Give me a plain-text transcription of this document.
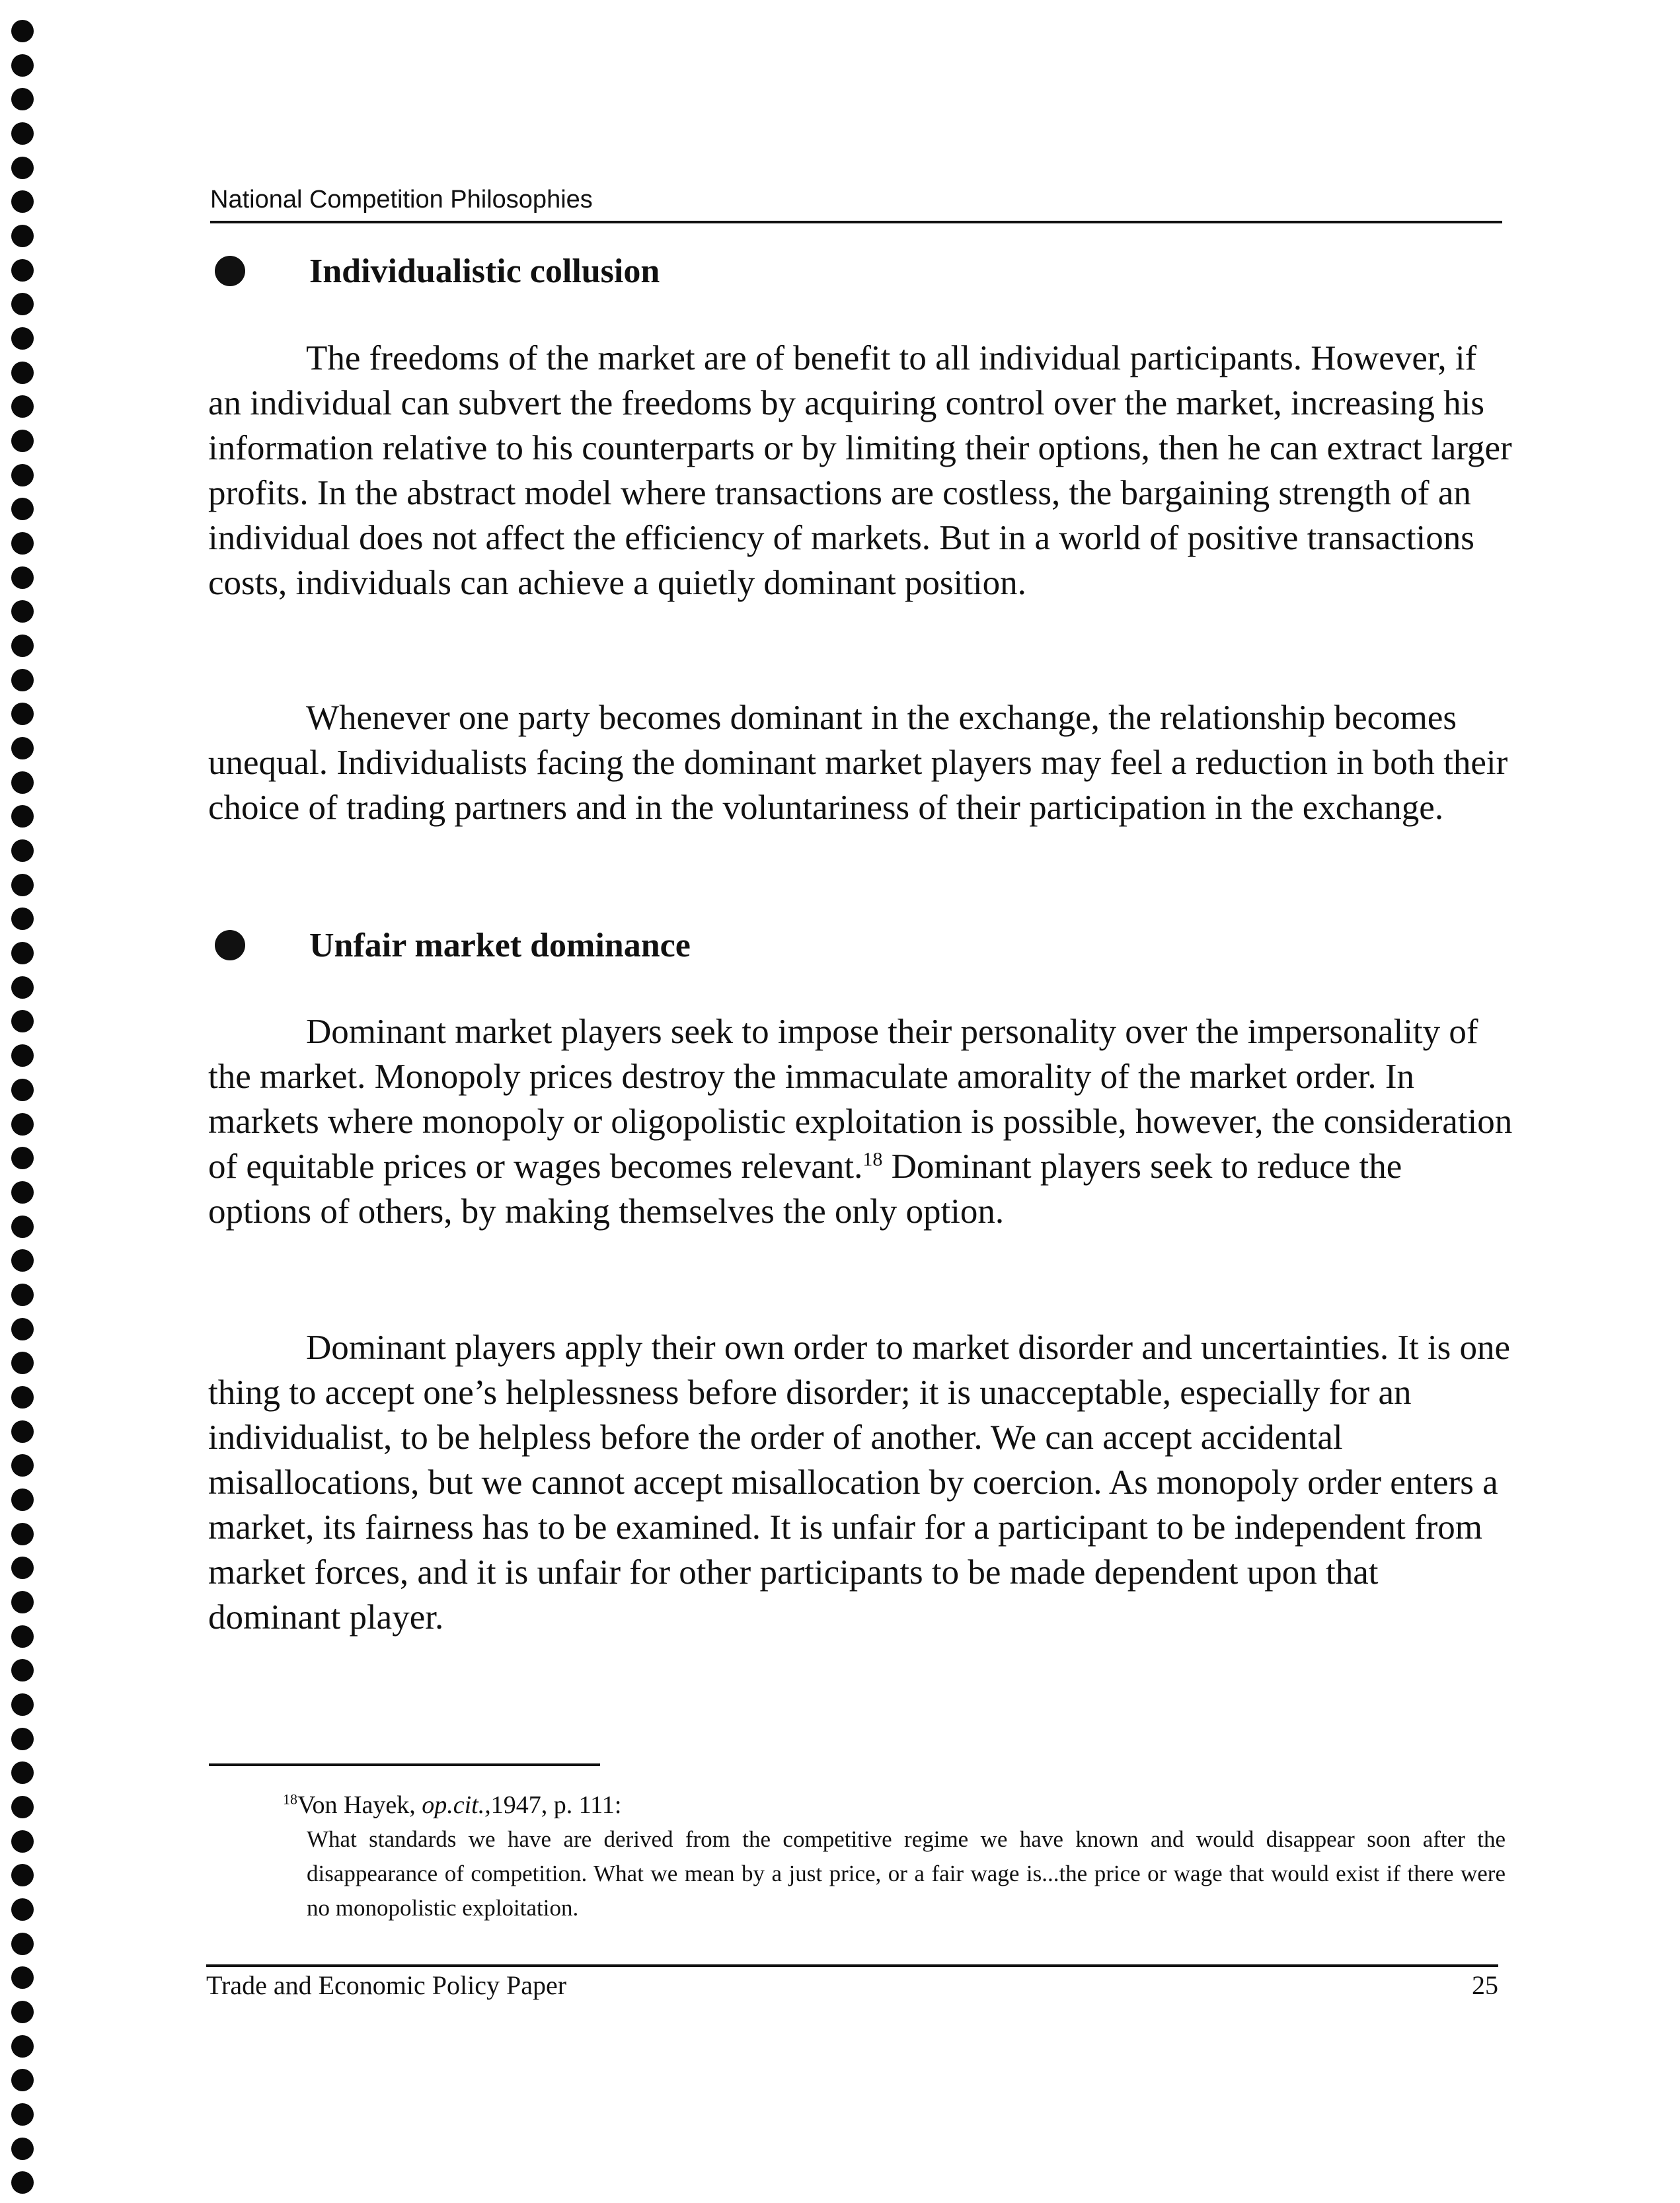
National Competition Philosophies
Individualistic collusion

The freedoms of the market are of benefit to all individual participants. However, if an individual can subvert the freedoms by acquiring control over the market, increasing his information relative to his counterparts or by limiting their options, then he can extract larger profits. In the abstract model where transactions are costless, the bargaining strength of an individual does not affect the efficiency of markets. But in a world of positive transactions costs, individuals can achieve a quietly dominant position.

Whenever one party becomes dominant in the exchange, the relationship becomes unequal. Individualists facing the dominant market players may feel a reduction in both their choice of trading partners and in the voluntariness of their participation in the exchange.

Unfair market dominance

Dominant market players seek to impose their personality over the impersonality of the market. Monopoly prices destroy the immaculate amorality of the market order. In markets where monopoly or oligopolistic exploitation is possible, however, the consideration of equitable prices or wages becomes relevant.$^{18}$ Dominant players seek to reduce the options of others, by making themselves the only option.

Dominant players apply their own order to market disorder and uncertainties. It is one thing to accept one’s helplessness before disorder; it is unacceptable, especially for an individualist, to be helpless before the order of another. We can accept accidental misallocations, but we cannot accept misallocation by coercion. As monopoly order enters a market, its fairness has to be examined. It is unfair for a participant to be independent from market forces, and it is unfair for other participants to be made dependent upon that dominant player.

$^{18}$Von Hayek, op.cit.,1947, p. 111:
What standards we have are derived from the competitive regime we have known and would disappear soon after the disappearance of competition. What we mean by a just price, or a fair wage is...the price or wage that would exist if there were no monopolistic exploitation.
Trade and Economic Policy Paper	25
